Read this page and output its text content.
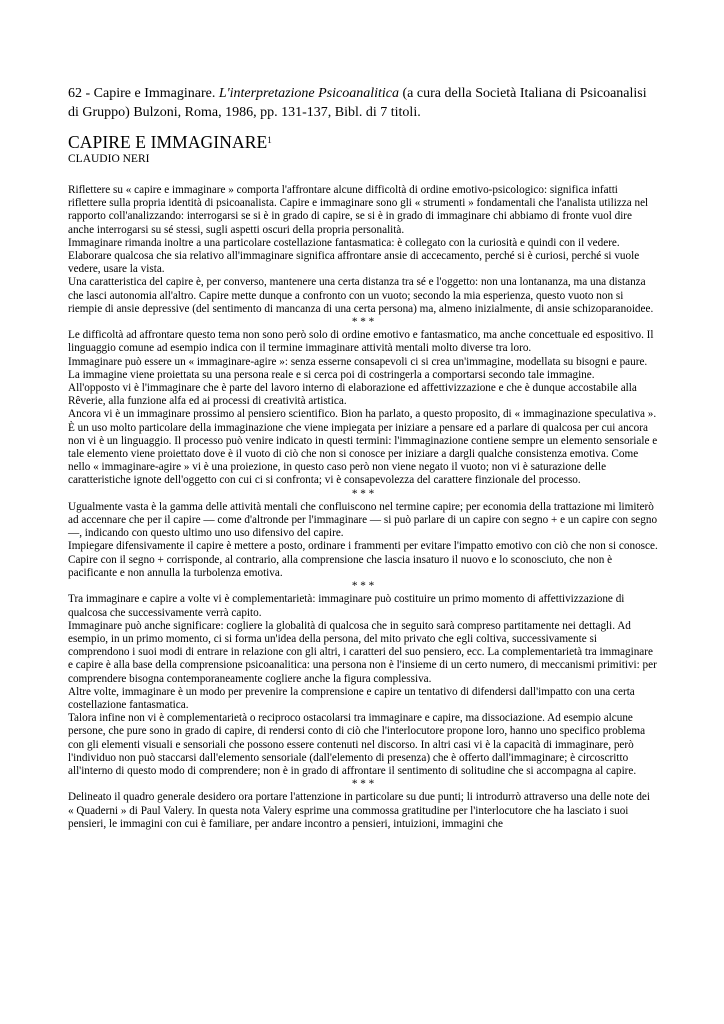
62 - Capire e Immaginare. L'interpretazione Psicoanalitica (a cura della Società Italiana di Psicoanalisi di Gruppo) Bulzoni, Roma, 1986, pp. 131-137, Bibl. di 7 titoli.

CAPIRE E IMMAGINARE$^1$

CLAUDIO NERI

Riflettere su « capire e immaginare » comporta l'affrontare alcune difficoltà di ordine emotivo-psicologico: significa infatti riflettere sulla propria identità di psicoanalista. Capire e immaginare sono gli « strumenti » fondamentali che l'analista utilizza nel rapporto coll'analizzando: interrogarsi se si è in grado di capire, se si è in grado di immaginare chi abbiamo di fronte vuol dire anche interrogarsi su sé stessi, sugli aspetti oscuri della propria personalità.

Immaginare rimanda inoltre a una particolare costellazione fantasmatica: è collegato con la curiosità e quindi con il vedere. Elaborare qualcosa che sia relativo all'immaginare significa affrontare ansie di accecamento, perché si è curiosi, perché si vuole vedere, usare la vista.

Una caratteristica del capire è, per converso, mantenere una certa distanza tra sé e l'oggetto: non una lontananza, ma una distanza che lasci autonomia all'altro. Capire mette dunque a confronto con un vuoto; secondo la mia esperienza, questo vuoto non si riempie di ansie depressive (del sentimento di mancanza di una certa persona) ma, almeno inizialmente, di ansie schizoparanoidee.

* * *

Le difficoltà ad affrontare questo tema non sono però solo di ordine emotivo e fantasmatico, ma anche concettuale ed espositivo. Il linguaggio comune ad esempio indica con il termine immaginare attività mentali molto diverse tra loro.

Immaginare può essere un « immaginare-agire »: senza esserne consapevoli ci si crea un'immagine, modellata su bisogni e paure. La immagine viene proiettata su una persona reale e si cerca poi di costringerla a comportarsi secondo tale immagine.

All'opposto vi è l'immaginare che è parte del lavoro interno di elaborazione ed affettivizzazione e che è dunque accostabile alla Rêverie, alla funzione alfa ed ai processi di creatività artistica.

Ancora vi è un immaginare prossimo al pensiero scientifico. Bion ha parlato, a questo proposito, di « immaginazione speculativa ». È un uso molto particolare della immaginazione che viene impiegata per iniziare a pensare ed a parlare di qualcosa per cui ancora non vi è un linguaggio. Il processo può venire indicato in questi termini: l'immaginazione contiene sempre un elemento sensoriale e tale elemento viene proiettato dove è il vuoto di ciò che non si conosce per iniziare a dargli qualche consistenza emotiva. Come nello « immaginare-agire » vi è una proiezione, in questo caso però non viene negato il vuoto; non vi è saturazione delle caratteristiche ignote dell'oggetto con cui ci si confronta; vi è consapevolezza del carattere finzionale del processo.

* * *

Ugualmente vasta è la gamma delle attività mentali che confluiscono nel termine capire; per economia della trattazione mi limiterò ad accennare che per il capire — come d'altronde per l'immaginare — si può parlare di un capire con segno + e un capire con segno —, indicando con questo ultimo uno uso difensivo del capire.

Impiegare difensivamente il capire è mettere a posto, ordinare i frammenti per evitare l'impatto emotivo con ciò che non si conosce. Capire con il segno + corrisponde, al contrario, alla comprensione che lascia insaturo il nuovo e lo sconosciuto, che non è pacificante e non annulla la turbolenza emotiva.

* * *

Tra immaginare e capire a volte vi è complementarietà: immaginare può costituire un primo momento di affettivizzazione di qualcosa che successivamente verrà capito.

Immaginare può anche significare: cogliere la globalità di qualcosa che in seguito sarà compreso partitamente nei dettagli. Ad esempio, in un primo momento, ci si forma un'idea della persona, del mito privato che egli coltiva, successivamente si comprendono i suoi modi di entrare in relazione con gli altri, i caratteri del suo pensiero, ecc. La complementarietà tra immaginare e capire è alla base della comprensione psicoanalitica: una persona non è l'insieme di un certo numero, di meccanismi primitivi: per comprendere bisogna contemporaneamente cogliere anche la figura complessiva.

Altre volte, immaginare è un modo per prevenire la comprensione e capire un tentativo di difendersi dall'impatto con una certa costellazione fantasmatica.

Talora infine non vi è complementarietà o reciproco ostacolarsi tra immaginare e capire, ma dissociazione. Ad esempio alcune persone, che pure sono in grado di capire, di rendersi conto di ciò che l'interlocutore propone loro, hanno uno specifico problema con gli elementi visuali e sensoriali che possono essere contenuti nel discorso. In altri casi vi è la capacità di immaginare, però l'individuo non può staccarsi dall'elemento sensoriale (dall'elemento di presenza) che è offerto dall'immaginare; è circoscritto all'interno di questo modo di comprendere; non è in grado di affrontare il sentimento di solitudine che si accompagna al capire.

* * *

Delineato il quadro generale desidero ora portare l'attenzione in particolare su due punti; li introdurrò attraverso una delle note dei « Quaderni » di Paul Valery. In questa nota Valery esprime una commossa gratitudine per l'interlocutore che ha lasciato i suoi pensieri, le immagini con cui è familiare, per andare incontro a pensieri, intuizioni, immagini che
